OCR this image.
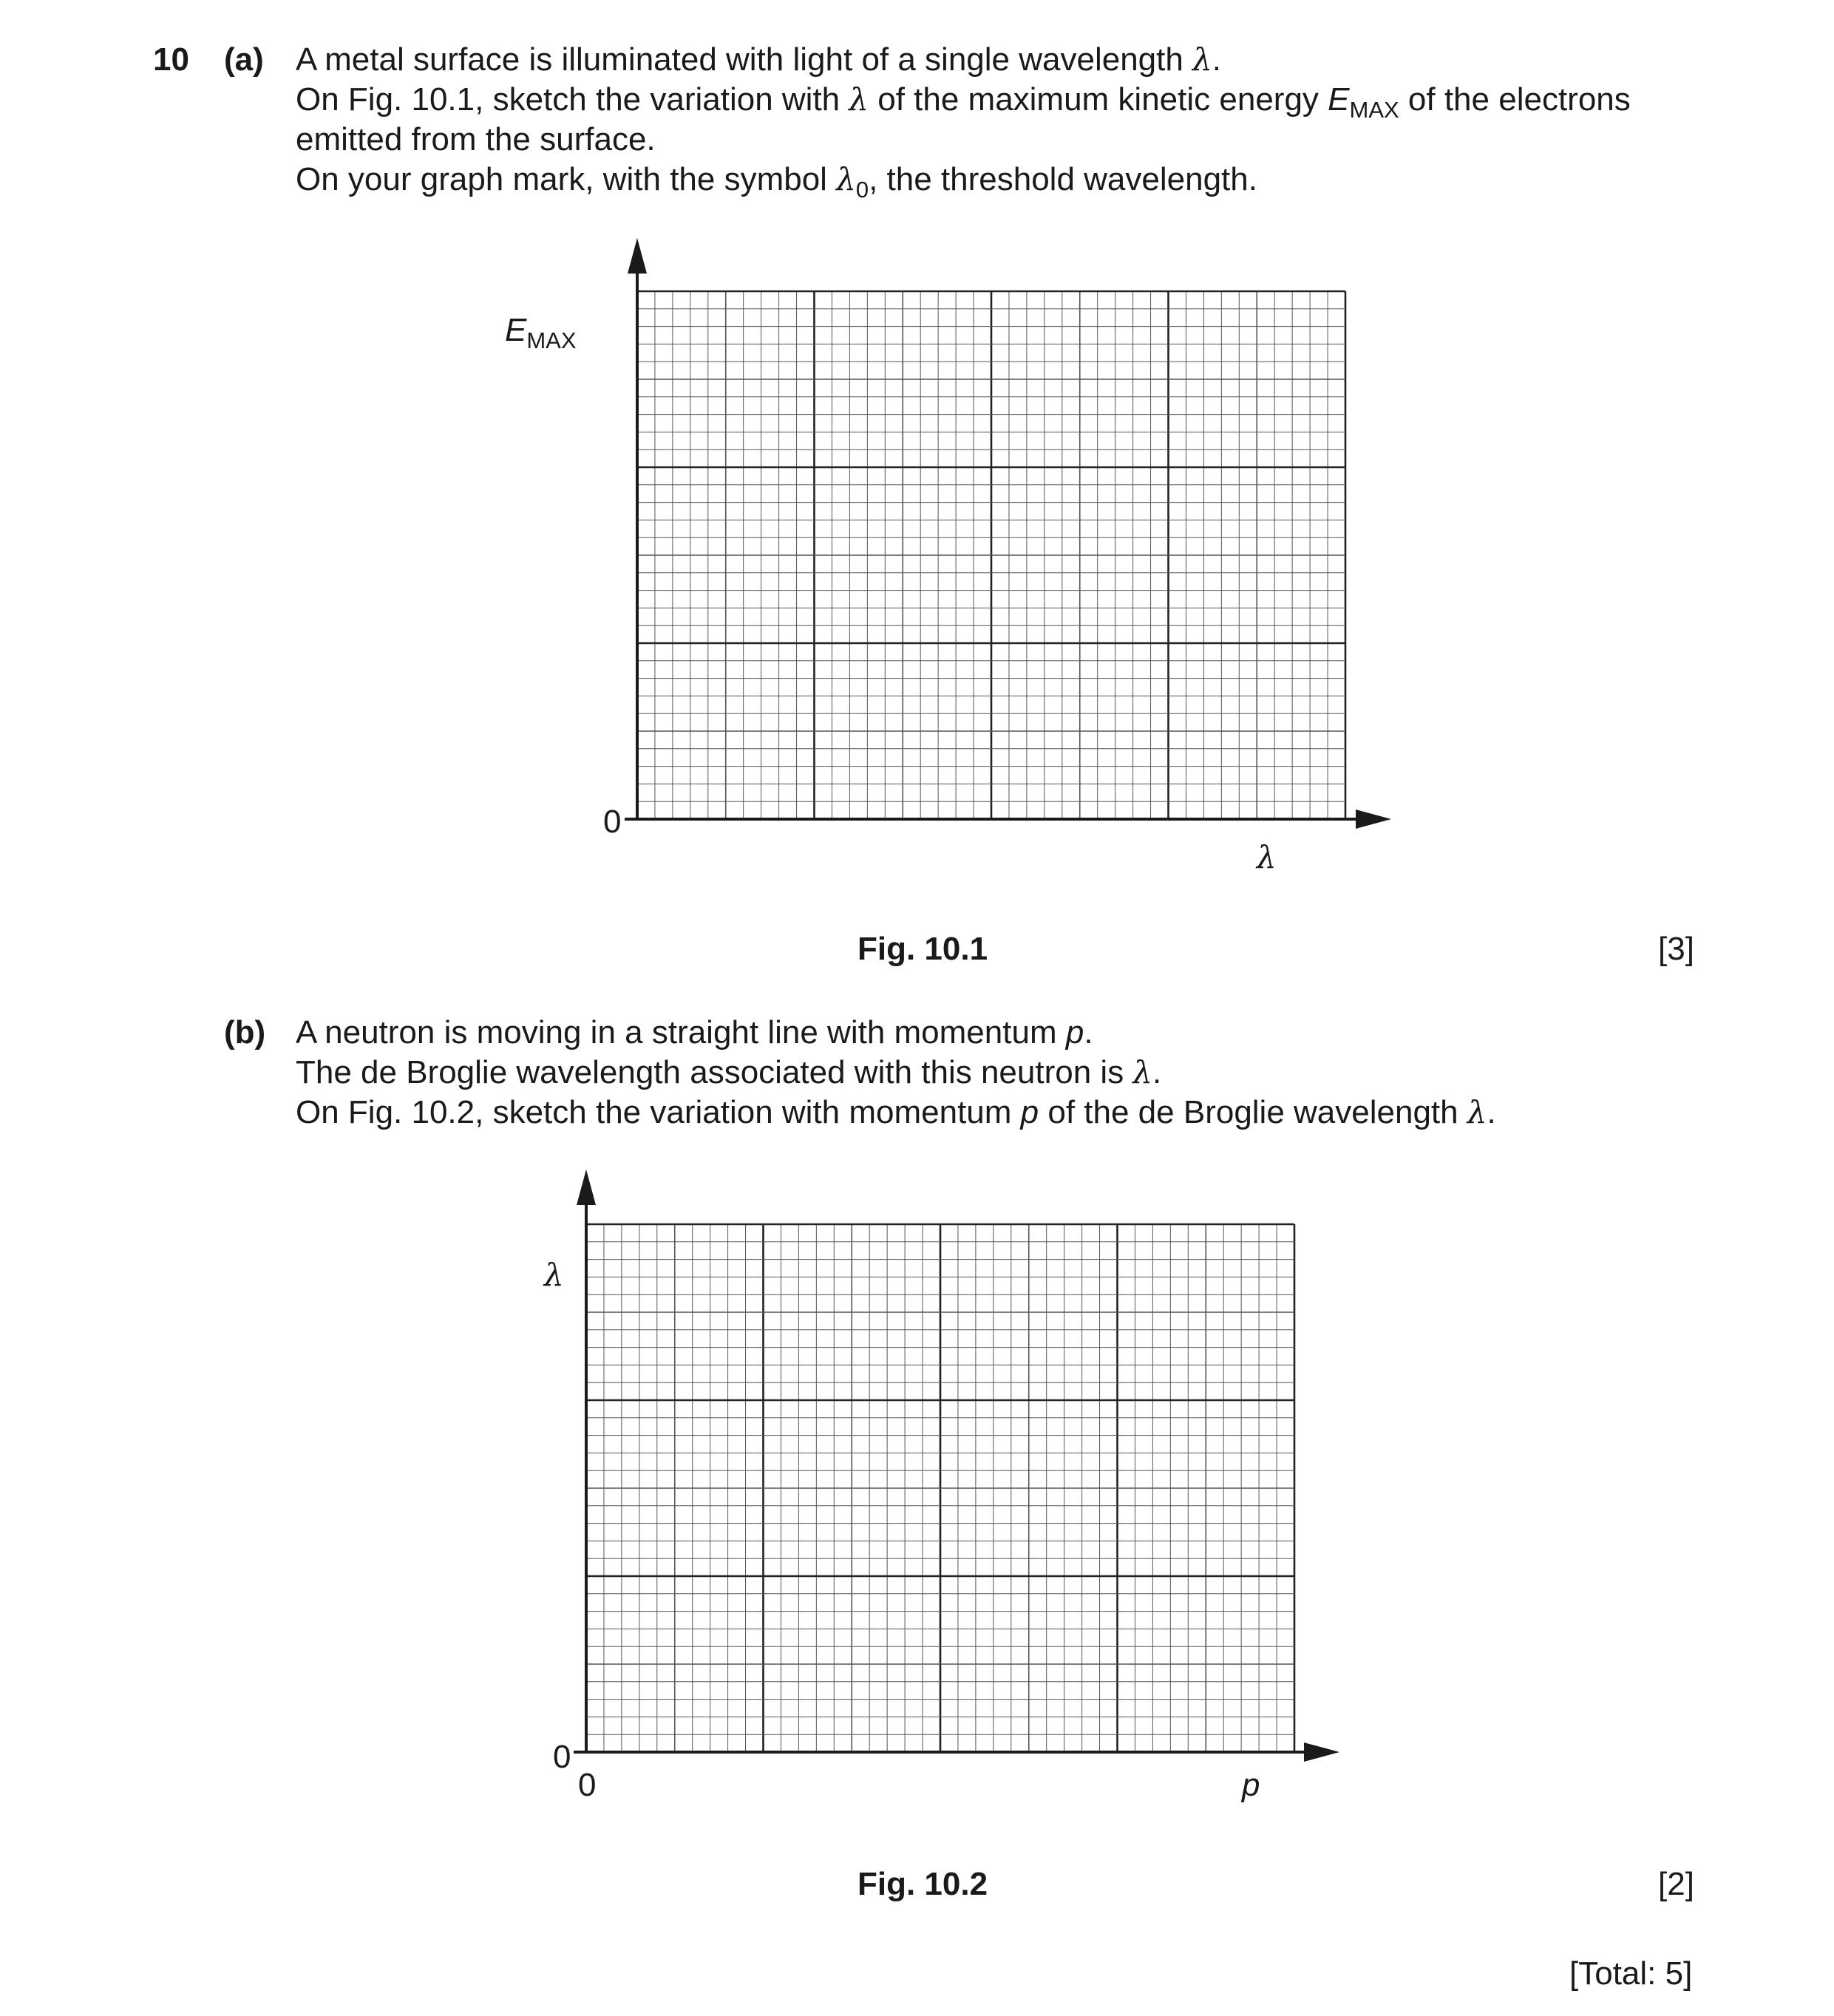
10 (a) A metal surface is illuminated with light of a single wavelength λ.
On Fig. 10.1, sketch the variation with λ of the maximum kinetic energy $E_{MAX}$ of the electrons
emitted from the surface.
On your graph mark, with the symbol $\lambda_0$, the threshold wavelength.
$E_{MAX}$
0
λ
Fig. 10.1	[3]
(b) A neutron is moving in a straight line with momentum p.
The de Broglie wavelength associated with this neutron is λ.
On Fig. 10.2, sketch the variation with momentum p of the de Broglie wavelength λ.
λ
0
0	p
Fig. 10.2	[2]
[Total: 5]
